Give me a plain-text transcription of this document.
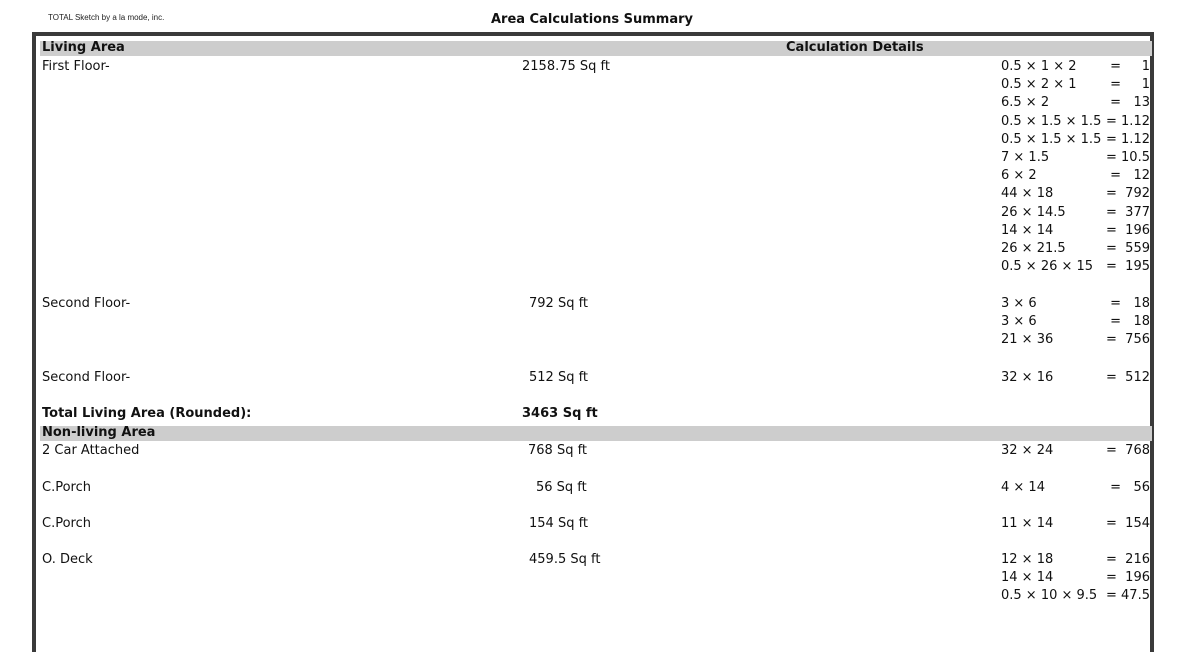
TOTAL Sketch by a la mode, inc.	Area Calculations Summary
Living Area	Calculation Details
First Floor-	2158.75 Sq ft	0.5 × 1 × 2	=     1
0.5 × 2 × 1	=     1
6.5 × 2	=   13
0.5 × 1.5 × 1.5 = 1.12
0.5 × 1.5 × 1.5 = 1.12
7 × 1.5	= 10.5
6 × 2	=   12
44 × 18	=  792
26 × 14.5	=  377
14 × 14	=  196
26 × 21.5	=  559
0.5 × 26 × 15 =  195
Second Floor-	792 Sq ft	3 × 6	=   18
3 × 6	=   18
21 × 36	=  756
Second Floor-	512 Sq ft	32 × 16	=  512
Total Living Area (Rounded):	3463 Sq ft
Non-living Area
2 Car Attached	768 Sq ft	32 × 24	=  768
C.Porch	56 Sq ft	4 × 14	=   56
C.Porch	154 Sq ft	11 × 14	=  154
O. Deck	459.5 Sq ft	12 × 18	=  216
14 × 14	=  196
0.5 × 10 × 9.5 = 47.5
